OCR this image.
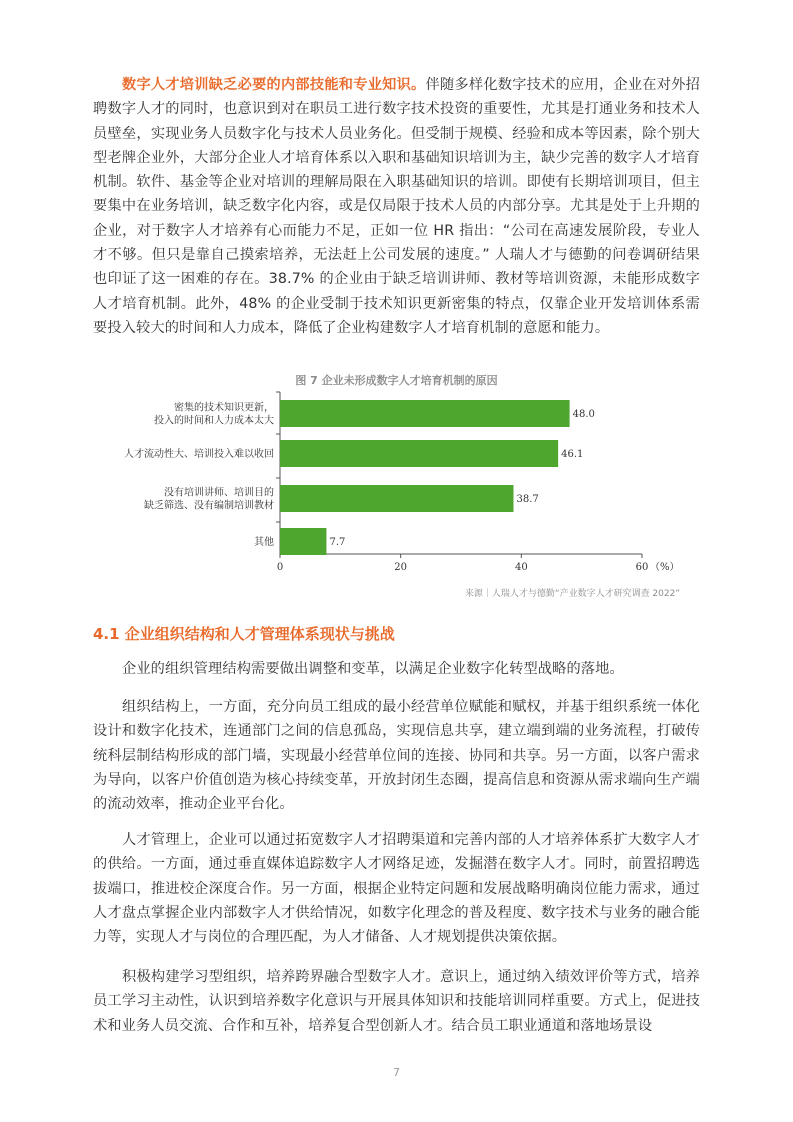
数字人才培训缺乏必要的内部技能和专业知识。伴随多样化数字技术的应用，企业在对外招聘数字人才的同时，也意识到对在职员工进行数字技术投资的重要性，尤其是打通业务和技术人员壁垒，实现业务人员数字化与技术人员业务化。但受制于规模、经验和成本等因素，除个别大型老牌企业外，大部分企业人才培育体系以入职和基础知识培训为主，缺少完善的数字人才培育机制。软件、基金等企业对培训的理解局限在入职基础知识的培训。即使有长期培训项目，但主要集中在业务培训，缺乏数字化内容，或是仅局限于技术人员的内部分享。尤其是处于上升期的企业，对于数字人才培养有心而能力不足，正如一位 HR 指出：“公司在高速发展阶段，专业人才不够。但只是靠自己摸索培养，无法赶上公司发展的速度。” 人瑞人才与德勤的问卷调研结果也印证了这一困难的存在。38.7% 的企业由于缺乏培训讲师、教材等培训资源，未能形成数字人才培育机制。此外，48% 的企业受制于技术知识更新密集的特点，仅靠企业开发培训体系需要投入较大的时间和人力成本，降低了企业构建数字人才培育机制的意愿和能力。

图 7 企业未形成数字人才培育机制的原因
48.0
密集的技术知识更新，
投入的时间和人力成本太大
46.1
人才流动性大、培训投入难以收回
38.7
没有培训讲师、培训目的
缺乏筛选、没有编制培训教材
7.7
其他
0	20	40	60 （%）
来源｜人瑞人才与德勤“产业数字人才研究调查 2022”
4.1 企业组织结构和人才管理体系现状与挑战

企业的组织管理结构需要做出调整和变革，以满足企业数字化转型战略的落地。

组织结构上，一方面，充分向员工组成的最小经营单位赋能和赋权，并基于组织系统一体化设计和数字化技术，连通部门之间的信息孤岛，实现信息共享，建立端到端的业务流程，打破传统科层制结构形成的部门墙，实现最小经营单位间的连接、协同和共享。另一方面，以客户需求为导向，以客户价值创造为核心持续变革，开放封闭生态圈，提高信息和资源从需求端向生产端的流动效率，推动企业平台化。

人才管理上，企业可以通过拓宽数字人才招聘渠道和完善内部的人才培养体系扩大数字人才的供给。一方面，通过垂直媒体追踪数字人才网络足迹，发掘潜在数字人才。同时，前置招聘选拔端口，推进校企深度合作。另一方面，根据企业特定问题和发展战略明确岗位能力需求，通过人才盘点掌握企业内部数字人才供给情况，如数字化理念的普及程度、数字技术与业务的融合能力等，实现人才与岗位的合理匹配，为人才储备、人才规划提供决策依据。

积极构建学习型组织，培养跨界融合型数字人才。意识上，通过纳入绩效评价等方式，培养员工学习主动性，认识到培养数字化意识与开展具体知识和技能培训同样重要。方式上，促进技术和业务人员交流、合作和互补，培养复合型创新人才。结合员工职业通道和落地场景设

7
